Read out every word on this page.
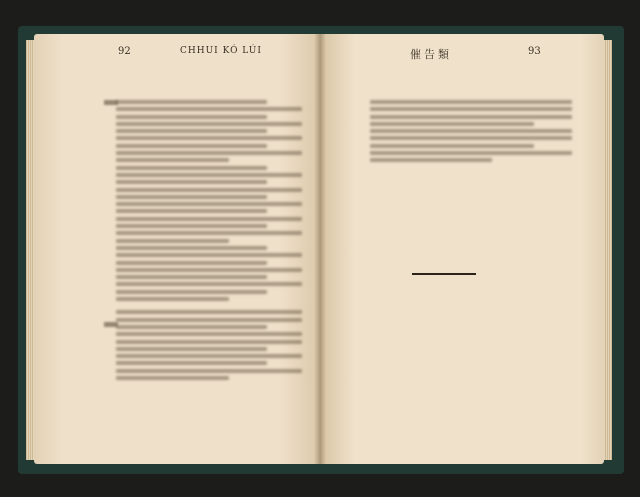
92	CHHUI KÓ LÚI	催告類	93
